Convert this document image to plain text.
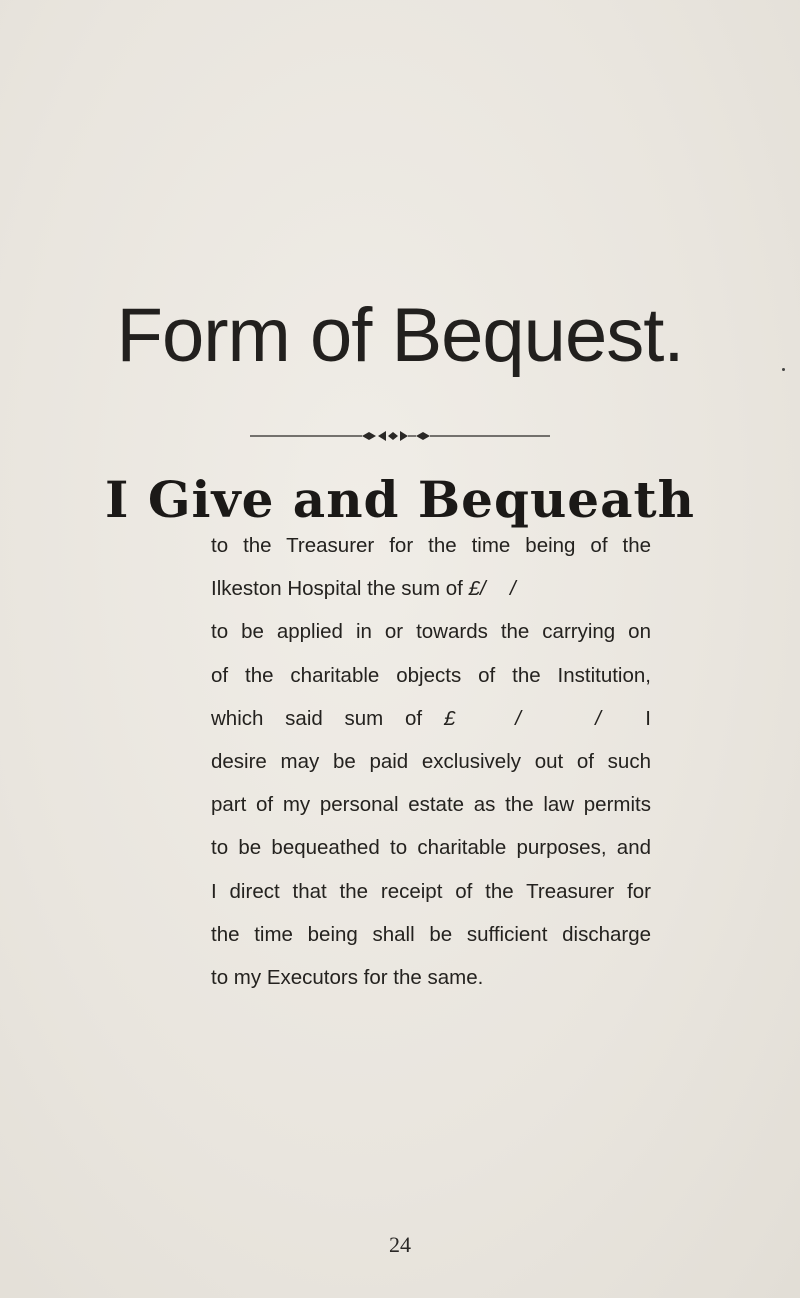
Form of Bequest.
I Give and Bequeath
to the Treasurer for the time being of the
Ilkeston Hospital the sum of £/ /
to be applied in or towards the carrying on
of the charitable objects of the Institution,
which said sum of £	/	/ I
desire may be paid exclusively out of such
part of my personal estate as the law permits
to be bequeathed to charitable purposes, and
I direct that the receipt of the Treasurer for
the time being shall be sufficient discharge
to my Executors for the same.
24
